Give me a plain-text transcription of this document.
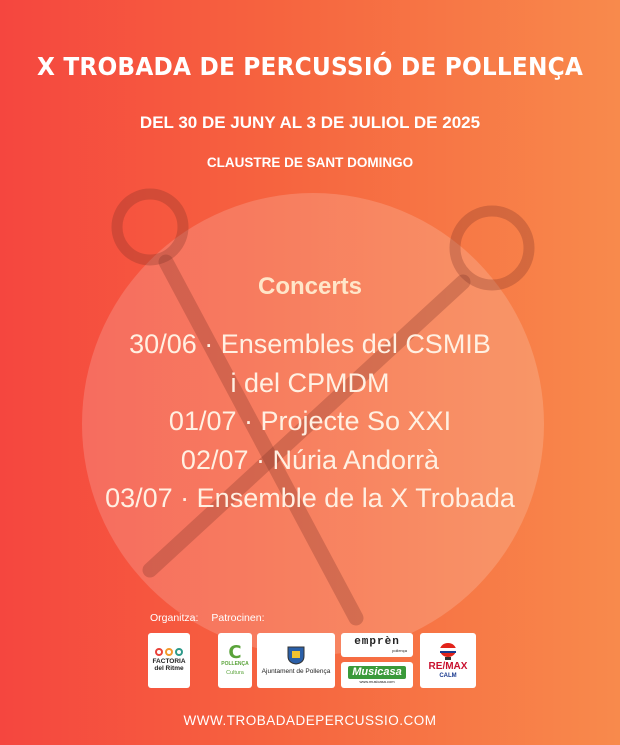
X TROBADA DE PERCUSSIÓ DE POLLENÇA
DEL 30 DE JUNY AL 3 DE JULIOL DE 2025
CLAUSTRE DE SANT DOMINGO
Concerts
30/06 · Ensembles del CSMIB
i del CPMDM
01/07 · Projecte So XXI
02/07 · Núria Andorrà
03/07 · Ensemble de la X Trobada
Organitza: Patrocinen:
FACTORIA del Ritme
C
POLLENÇA
Cultura	Ajuntament de Pollença
emprèn
pollença
Musicasa
www.musicasa.com
RE/MAX
CALM
WWW.TROBADADEPERCUSSIO.COM
